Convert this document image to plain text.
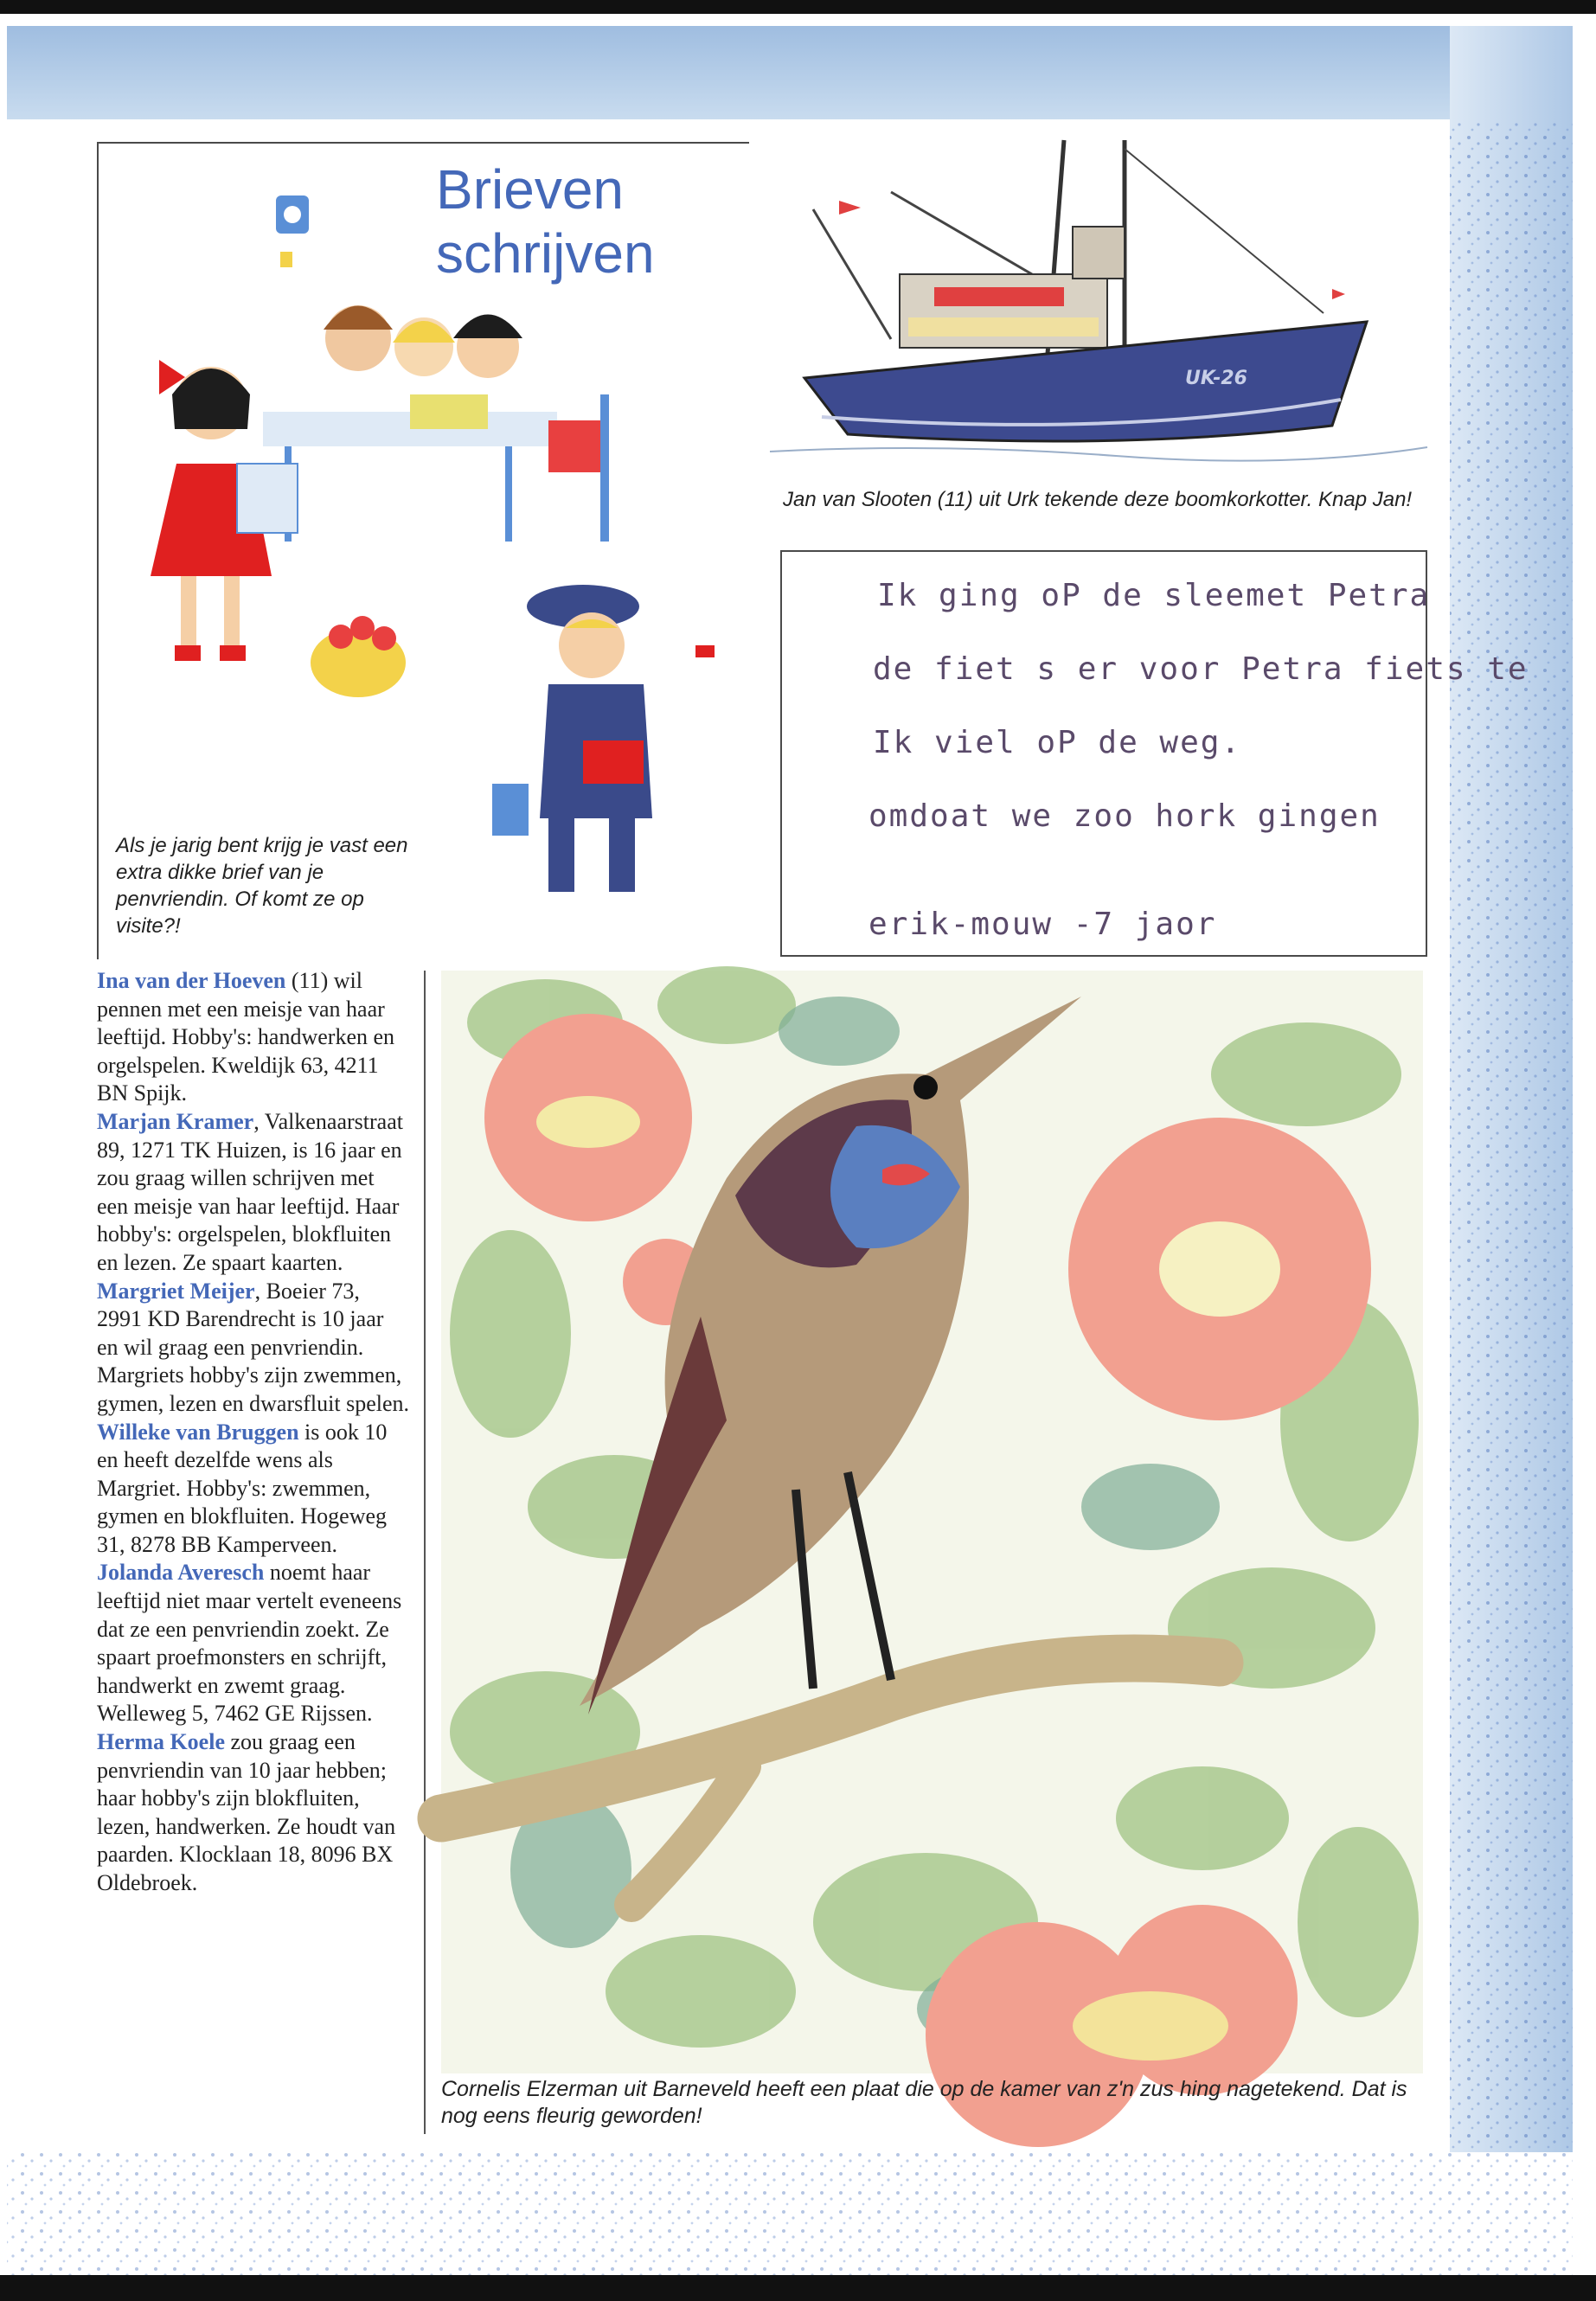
Brieven
schrijven
Als je jarig bent krijg je vast een extra dikke brief van je penvriendin. Of komt ze op visite?!
UK-26
Jan van Slooten (11) uit Urk tekende deze boomkorkotter. Knap Jan!
Ik ging oP de sleemet Petra
de fiet s er voor Petra fiets te
Ik viel oP de weg.
omdoat we zoo hork gingen
erik-mouw -7 jaor

Ina van der Hoeven (11) wil pennen met een meisje van haar leeftijd. Hobby's: handwerken en orgelspelen. Kweldijk 63, 4211 BN Spijk.

Marjan Kramer, Valkenaarstraat 89, 1271 TK Huizen, is 16 jaar en zou graag willen schrijven met een meisje van haar leeftijd. Haar hobby's: orgelspelen, blokfluiten en lezen. Ze spaart kaarten.

Margriet Meijer, Boeier 73, 2991 KD Barendrecht is 10 jaar en wil graag een penvriendin. Margriets hobby's zijn zwemmen, gymen, lezen en dwarsfluit spelen.

Willeke van Bruggen is ook 10 en heeft dezelfde wens als Margriet. Hobby's: zwemmen, gymen en blokfluiten. Hogeweg 31, 8278 BB Kamperveen.

Jolanda Averesch noemt haar leeftijd niet maar vertelt eveneens dat ze een penvriendin zoekt. Ze spaart proefmonsters en schrijft, handwerkt en zwemt graag. Welleweg 5, 7462 GE Rijssen.

Herma Koele zou graag een penvriendin van 10 jaar hebben; haar hobby's zijn blokfluiten, lezen, handwerken. Ze houdt van paarden. Klocklaan 18, 8096 BX Oldebroek.

Cornelis Elzerman uit Barneveld heeft een plaat die op de kamer van z'n zus hing nagetekend. Dat is nog eens fleurig geworden!
